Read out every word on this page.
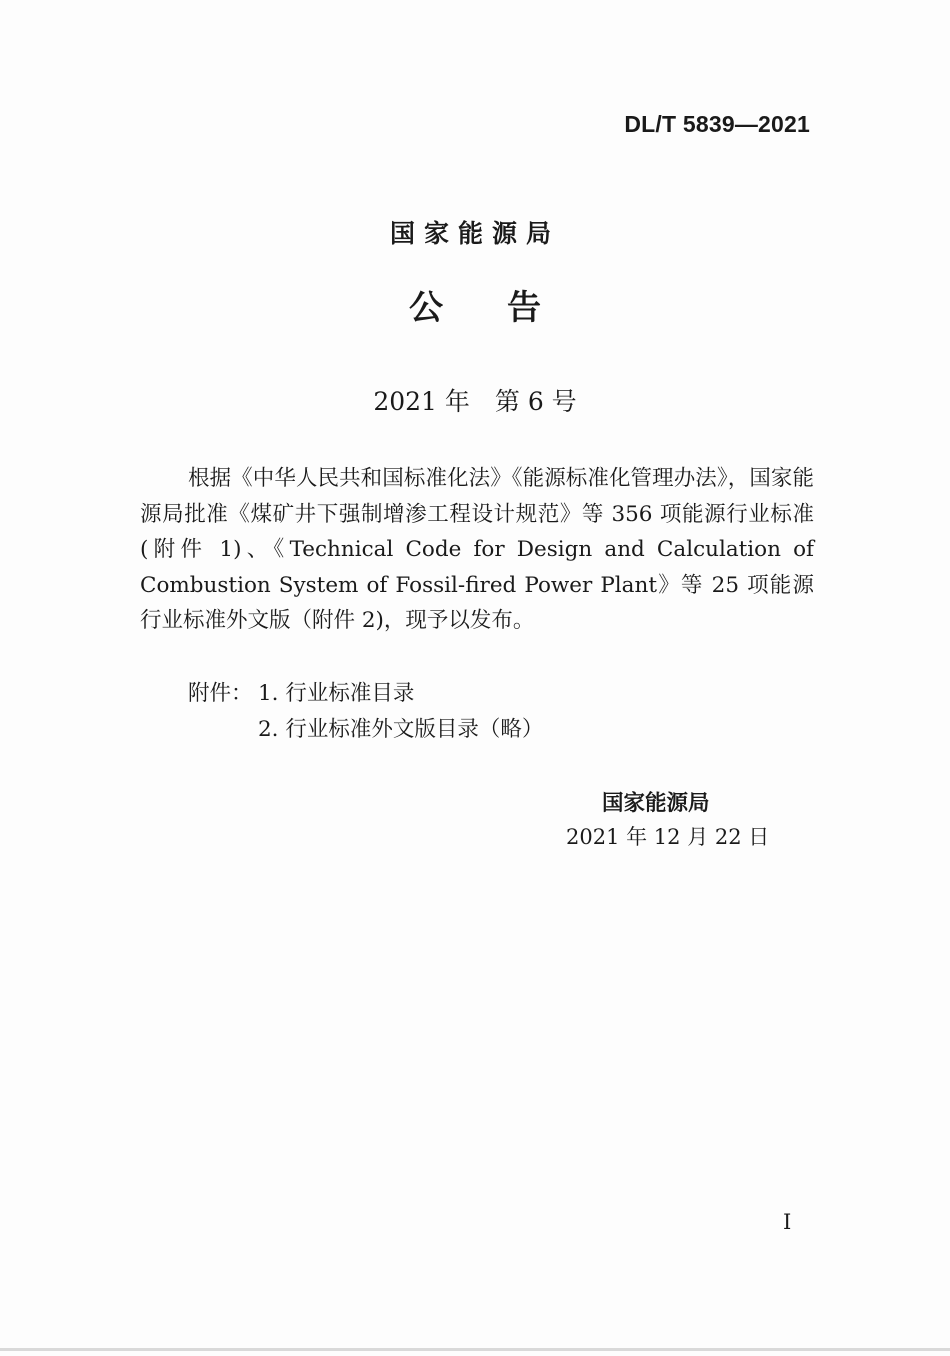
DL/T 5839—2021
国家能源局
公告
2021 年　第 6 号
根据《中华人民共和国标准化法》《能源标准化管理办法》，国家能源局批准《煤矿井下强制增渗工程设计规范》等 356 项能源行业标准(附件 1)、《Technical Code for Design and Calculation of Combustion System of Fossil-fired Power Plant》等 25 项能源行业标准外文版（附件 2)，现予以发布。
附件： 1. 行业标准目录
2. 行业标准外文版目录（略）
国家能源局
2021 年 12 月 22 日
I
